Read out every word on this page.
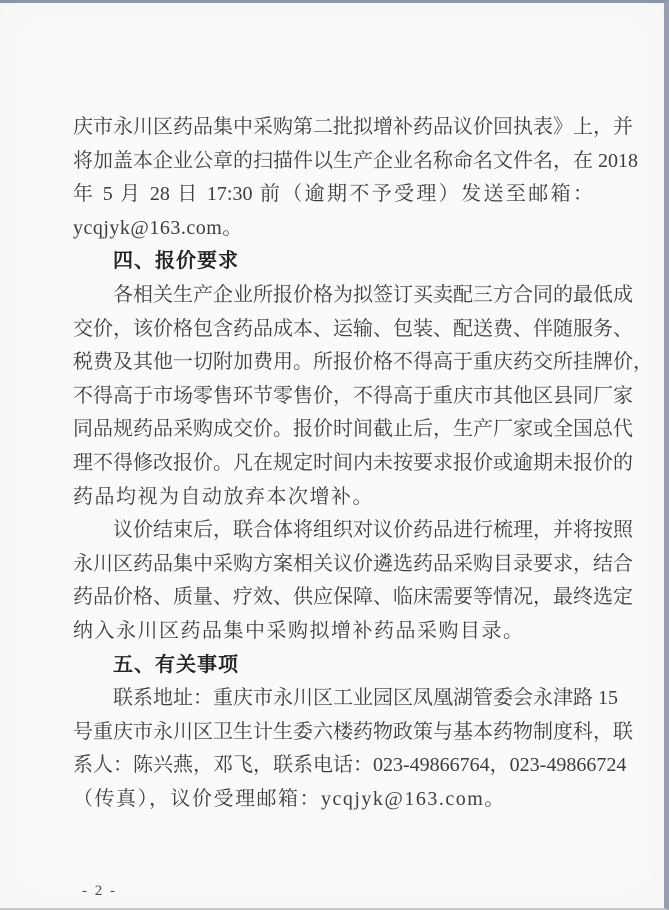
庆市永川区药品集中采购第二批拟增补药品议价回执表》上，并
将加盖本企业公章的扫描件以生产企业名称命名文件名，在 2018
年 5 月 28 日 17:30 前（逾期不予受理）发送至邮箱：
ycqjyk@163.com。
四、报价要求
各相关生产企业所报价格为拟签订买卖配三方合同的最低成
交价，该价格包含药品成本、运输、包装、配送费、伴随服务、
税费及其他一切附加费用。所报价格不得高于重庆药交所挂牌价，
不得高于市场零售环节零售价，不得高于重庆市其他区县同厂家
同品规药品采购成交价。报价时间截止后，生产厂家或全国总代
理不得修改报价。凡在规定时间内未按要求报价或逾期未报价的
药品均视为自动放弃本次增补。
议价结束后，联合体将组织对议价药品进行梳理，并将按照
永川区药品集中采购方案相关议价遴选药品采购目录要求，结合
药品价格、质量、疗效、供应保障、临床需要等情况，最终选定
纳入永川区药品集中采购拟增补药品采购目录。
五、有关事项
联系地址：重庆市永川区工业园区凤凰湖管委会永津路 15
号重庆市永川区卫生计生委六楼药物政策与基本药物制度科，联
系人：陈兴燕，邓飞，联系电话：023-49866764，023-49866724
（传真），议价受理邮箱：ycqjyk@163.com。
- 2 -
